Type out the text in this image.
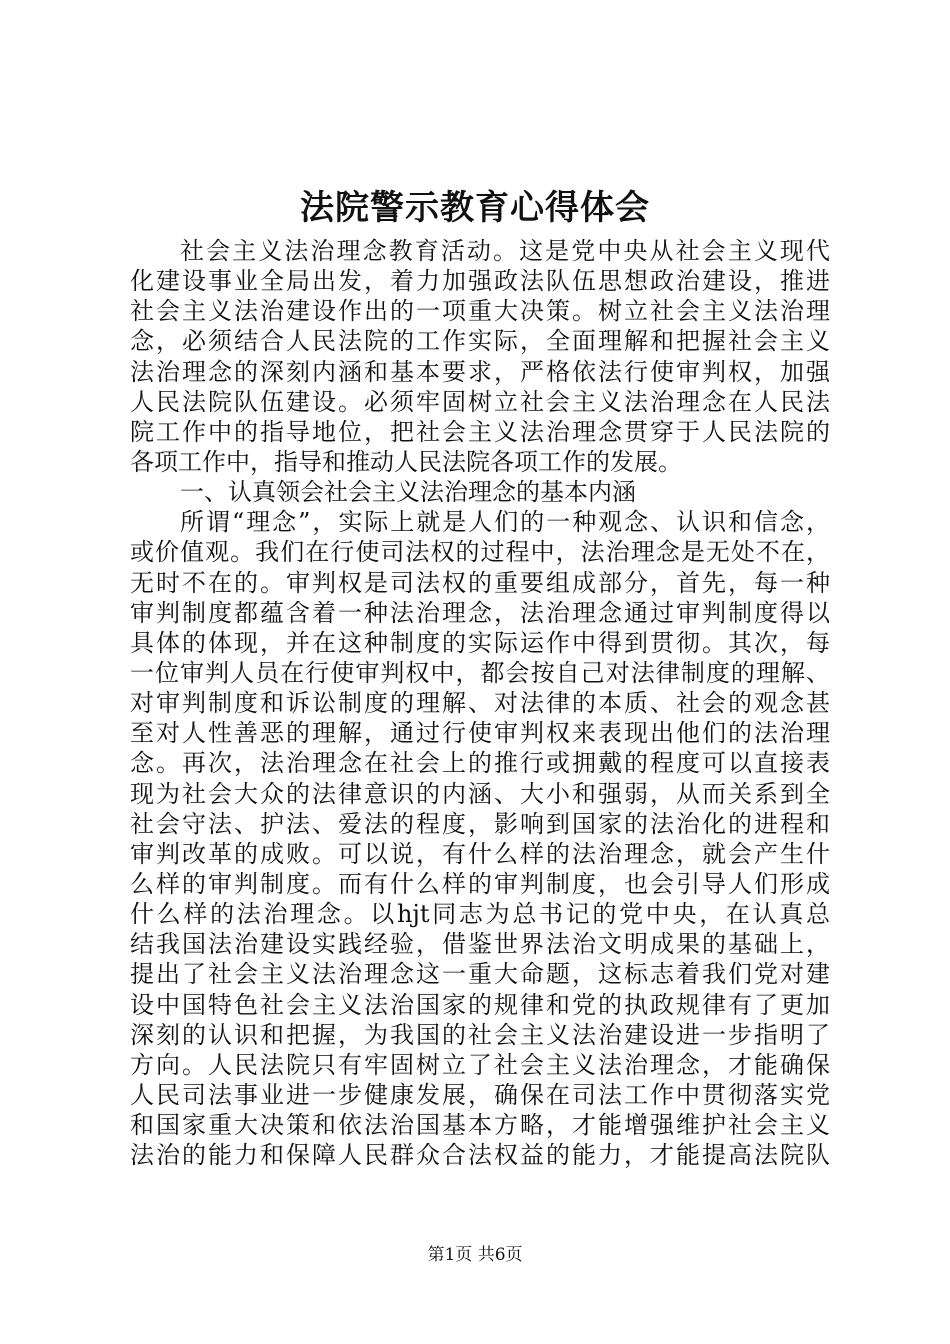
法院警示教育心得体会
社会主义法治理念教育活动。这是党中央从社会主义现代
化建设事业全局出发，着力加强政法队伍思想政治建设，推进
社会主义法治建设作出的一项重大决策。树立社会主义法治理
念，必须结合人民法院的工作实际，全面理解和把握社会主义
法治理念的深刻内涵和基本要求，严格依法行使审判权，加强
人民法院队伍建设。必须牢固树立社会主义法治理念在人民法
院工作中的指导地位，把社会主义法治理念贯穿于人民法院的
各项工作中，指导和推动人民法院各项工作的发展。
一、认真领会社会主义法治理念的基本内涵
所谓“理念”，实际上就是人们的一种观念、认识和信念，
或价值观。我们在行使司法权的过程中，法治理念是无处不在，
无时不在的。审判权是司法权的重要组成部分，首先，每一种
审判制度都蕴含着一种法治理念，法治理念通过审判制度得以
具体的体现，并在这种制度的实际运作中得到贯彻。其次，每
一位审判人员在行使审判权中，都会按自己对法律制度的理解、
对审判制度和诉讼制度的理解、对法律的本质、社会的观念甚
至对人性善恶的理解，通过行使审判权来表现出他们的法治理
念。再次，法治理念在社会上的推行或拥戴的程度可以直接表
现为社会大众的法律意识的内涵、大小和强弱，从而关系到全
社会守法、护法、爱法的程度，影响到国家的法治化的进程和
审判改革的成败。可以说，有什么样的法治理念，就会产生什
么样的审判制度。而有什么样的审判制度，也会引导人们形成
什么样的法治理念。以hjt同志为总书记的党中央，在认真总
结我国法治建设实践经验，借鉴世界法治文明成果的基础上，
提出了社会主义法治理念这一重大命题，这标志着我们党对建
设中国特色社会主义法治国家的规律和党的执政规律有了更加
深刻的认识和把握，为我国的社会主义法治建设进一步指明了
方向。人民法院只有牢固树立了社会主义法治理念，才能确保
人民司法事业进一步健康发展，确保在司法工作中贯彻落实党
和国家重大决策和依法治国基本方略，才能增强维护社会主义
法治的能力和保障人民群众合法权益的能力，才能提高法院队
第1页 共6页
